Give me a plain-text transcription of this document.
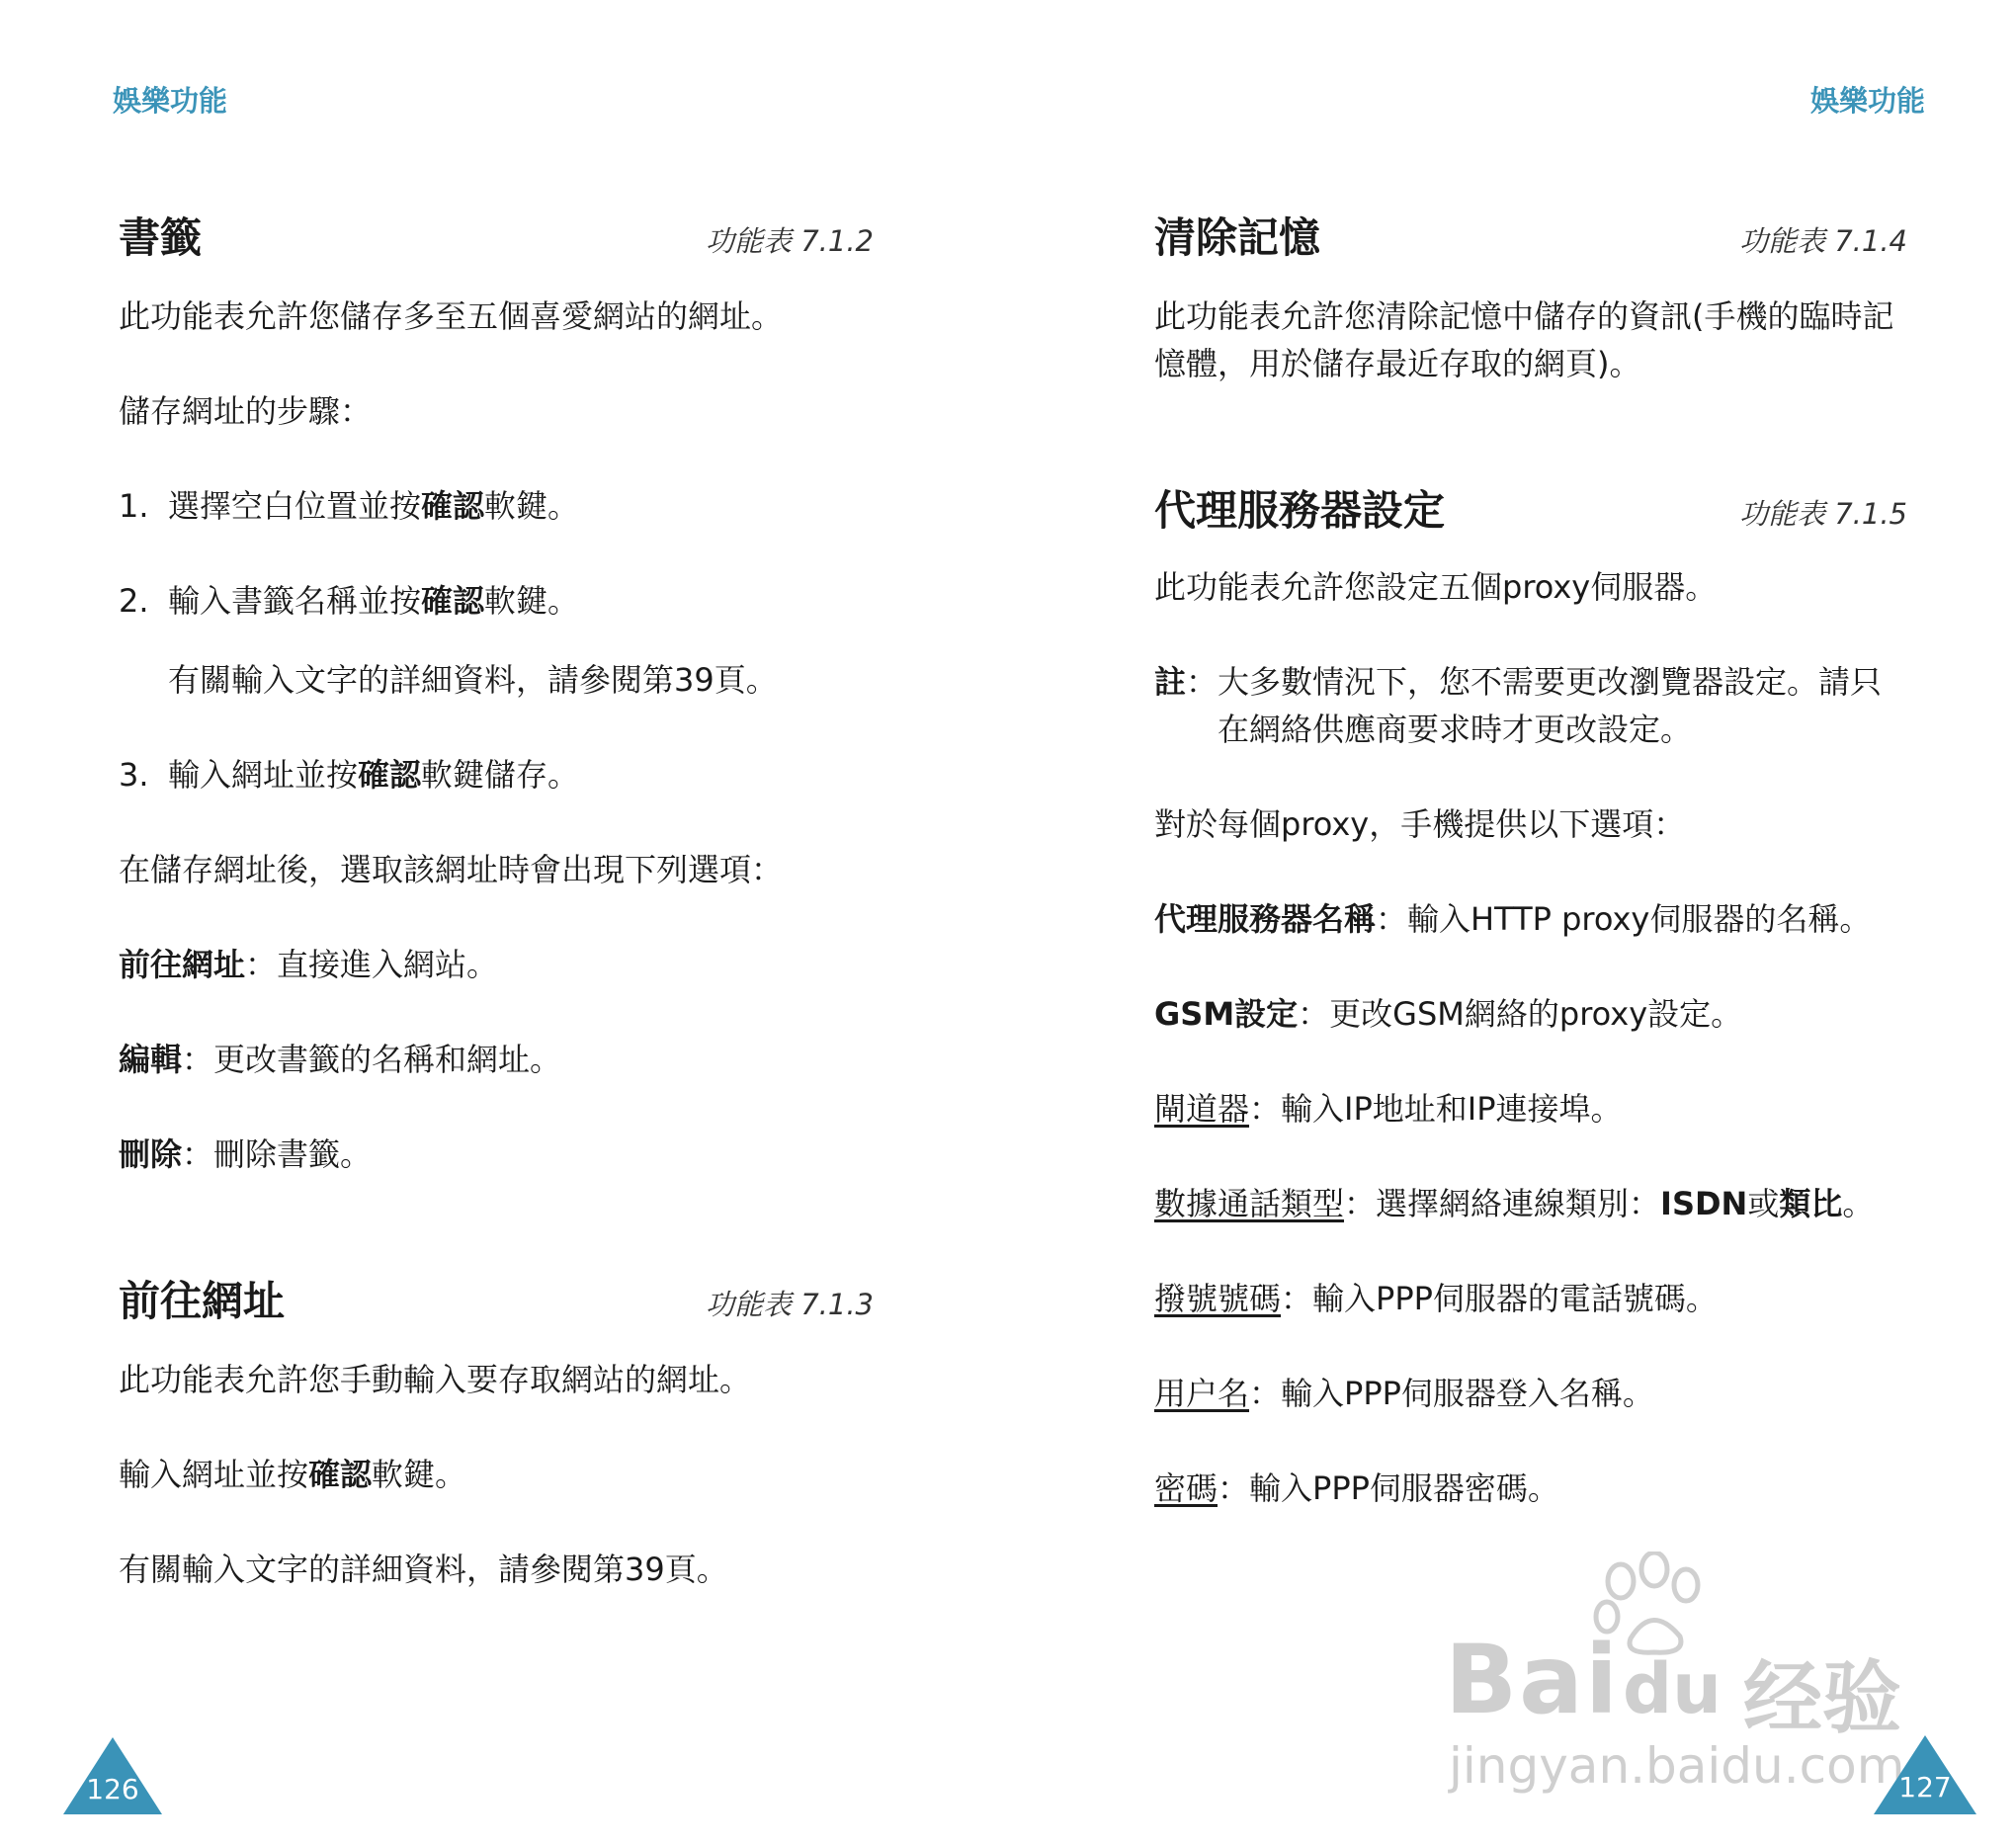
娛樂功能
書籤	功能表 7.1.2
此功能表允許您儲存多至五個喜愛網站的網址。
儲存網址的步驟：
1. 選擇空白位置並按確認軟鍵。
2. 輸入書籤名稱並按確認軟鍵。
有關輸入文字的詳細資料，請參閱第39頁。
3. 輸入網址並按確認軟鍵儲存。
在儲存網址後，選取該網址時會出現下列選項：
前往網址：直接進入網站。
編輯：更改書籤的名稱和網址。
刪除：刪除書籤。
前往網址	功能表 7.1.3
此功能表允許您手動輸入要存取網站的網址。
輸入網址並按確認軟鍵。
有關輸入文字的詳細資料，請參閱第39頁。
126
娛樂功能
清除記憶	功能表 7.1.4
此功能表允許您清除記憶中儲存的資訊(手機的臨時記
憶體，用於儲存最近存取的網頁)。
代理服務器設定	功能表 7.1.5
此功能表允許您設定五個proxy伺服器。
註：大多數情況下，您不需要更改瀏覽器設定。請只
在網絡供應商要求時才更改設定。
對於每個proxy，手機提供以下選項：
代理服務器名稱：輸入HTTP proxy伺服器的名稱。
GSM設定：更改GSM網絡的proxy設定。
閘道器：輸入IP地址和IP連接埠。
數據通話類型：選擇網絡連線類別：ISDN或類比。
撥號號碼：輸入PPP伺服器的電話號碼。
用户名：輸入PPP伺服器登入名稱。
密碼：輸入PPP伺服器密碼。
Bai du 经验
jingyan.baidu.com
127
